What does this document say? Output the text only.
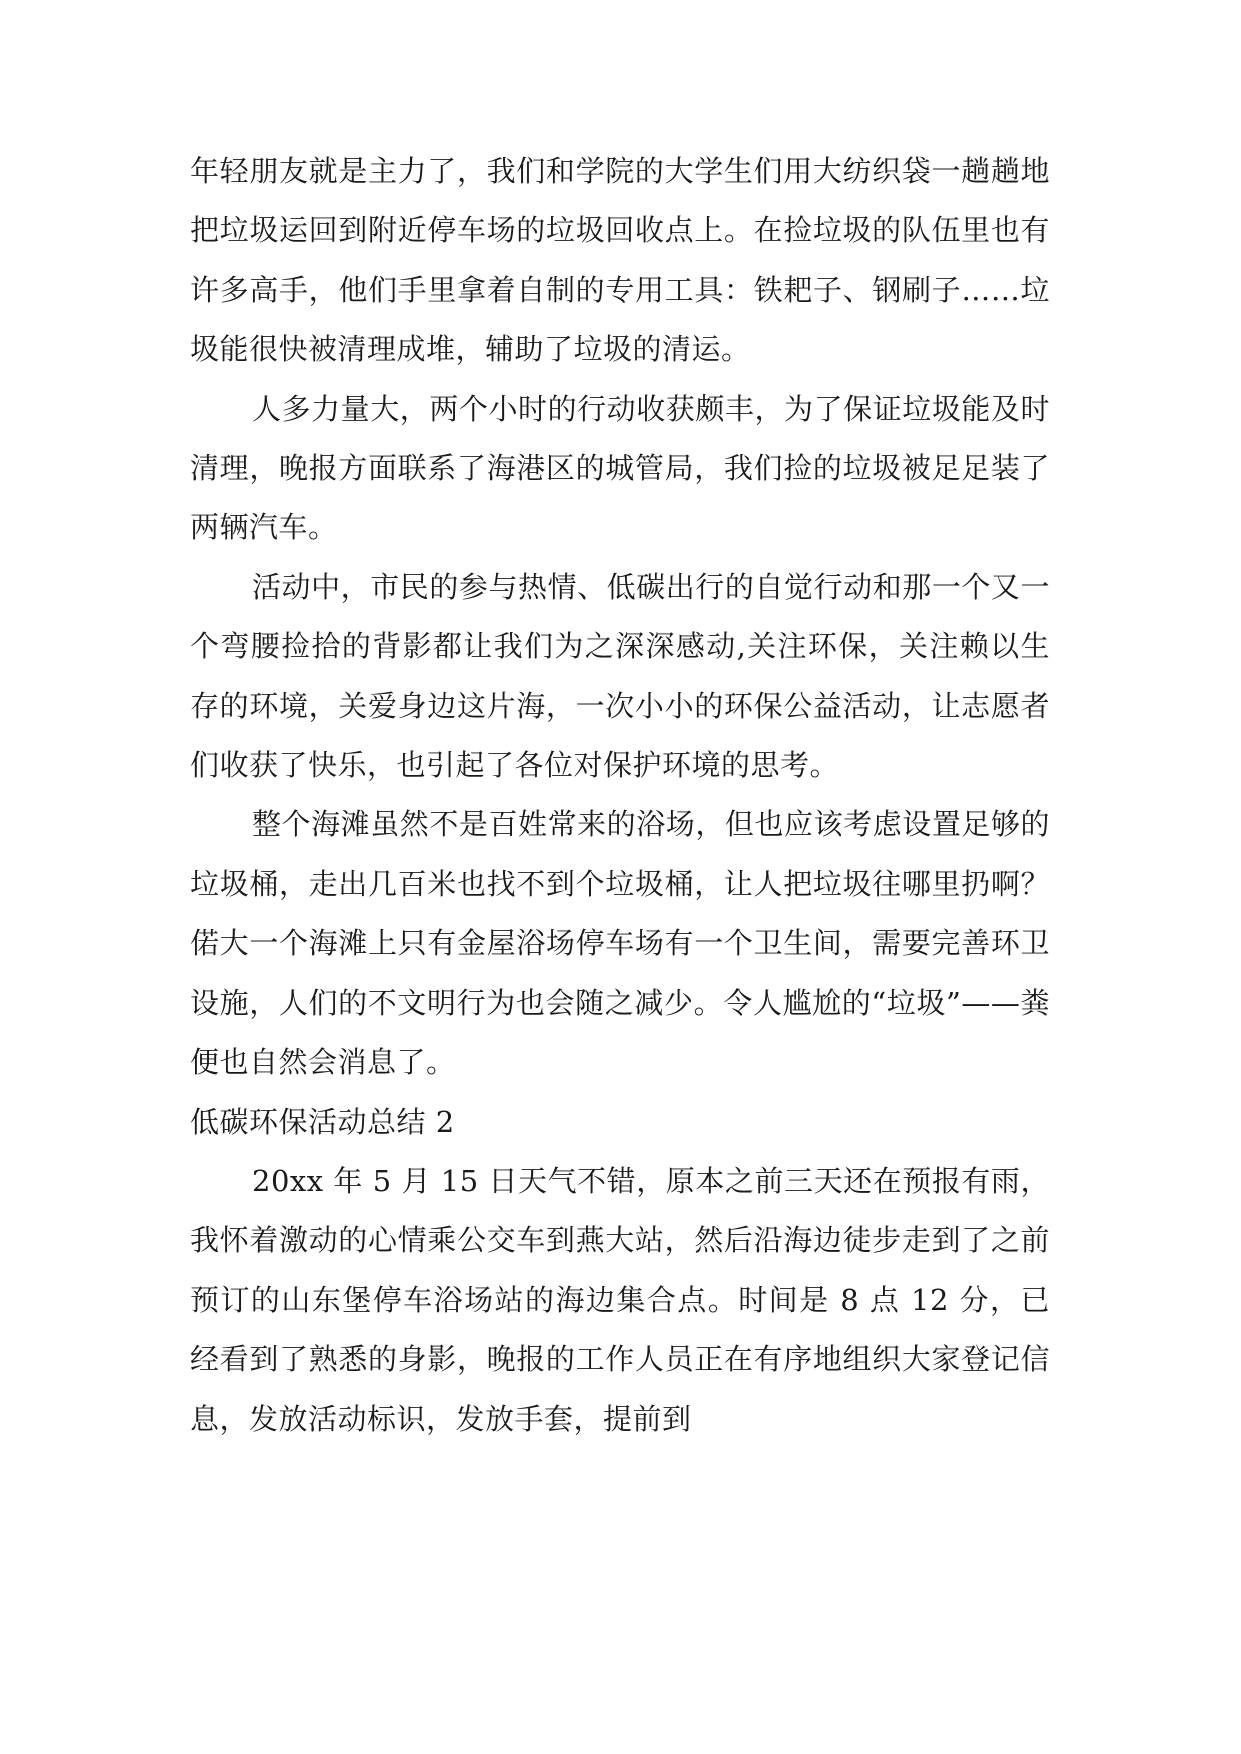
年轻朋友就是主力了，我们和学院的大学生们用大纺织袋一趟趟地把垃圾运回到附近停车场的垃圾回收点上。在捡垃圾的队伍里也有许多高手，他们手里拿着自制的专用工具：铁耙子、钢刷子……垃圾能很快被清理成堆，辅助了垃圾的清运。

人多力量大，两个小时的行动收获颇丰，为了保证垃圾能及时清理，晚报方面联系了海港区的城管局，我们捡的垃圾被足足装了两辆汽车。

活动中，市民的参与热情、低碳出行的自觉行动和那一个又一个弯腰捡拾的背影都让我们为之深深感动,关注环保，关注赖以生存的环境，关爱身边这片海，一次小小的环保公益活动，让志愿者们收获了快乐，也引起了各位对保护环境的思考。

整个海滩虽然不是百姓常来的浴场，但也应该考虑设置足够的垃圾桶，走出几百米也找不到个垃圾桶，让人把垃圾往哪里扔啊？ 偌大一个海滩上只有金屋浴场停车场有一个卫生间，需要完善环卫设施，人们的不文明行为也会随之减少。令人尴尬的“垃圾”——粪便也自然会消息了。

低碳环保活动总结 2

20xx 年 5 月 15 日天气不错，原本之前三天还在预报有雨，我怀着激动的心情乘公交车到燕大站，然后沿海边徒步走到了之前预订的山东堡停车浴场站的海边集合点。时间是 8 点 12 分，已经看到了熟悉的身影，晚报的工作人员正在有序地组织大家登记信息，发放活动标识，发放手套，提前到
